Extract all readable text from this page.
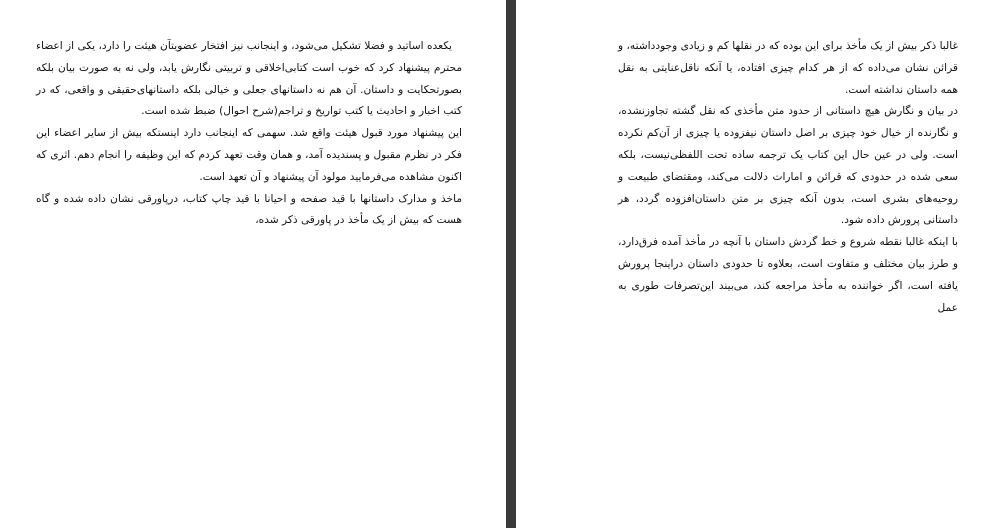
یکعده اساتید و فضلا تشکیل می‌شود، و اینجانب نیز افتخار عضویتآن هیئت را دارد، یکی از اعضاء محترم پیشنهاد کرد که خوب است کتابی‌اخلاقی و تربیتی نگارش یابد، ولی نه به صورت بیان بلکه بصورتحکایت و داستان. آن هم نه داستانهای جعلی و خیالی بلکه داستانهای‌حقیقی و واقعی، که در کتب اخبار و احادیث یا کتب تواریخ و تراجم(شرح احوال) ضبط شده است.

این پیشنهاد مورد قبول هیئت واقع شد. سهمی که اینجانب دارد اینستکه بیش از سایر اعضاء این فکر در نظرم مقبول و پسندیده آمد، و همان وقت تعهد کردم که این وظیفه را انجام دهم. اثری که اکنون مشاهده می‌فرمایید مولود آن پیشنهاد و آن تعهد است.

ماخذ و مدارک داستانها با قید صفحه و احیانا با قید چاپ کتاب، درپاورقی نشان داده شده و گاه هست که بیش از یک مأخذ در پاورقی ذکر شده،

غالبا ذکر بیش از یک مأخذ برای این بوده که در نقلها کم و زیادی وجودداشته، و قرائن نشان می‌داده که از هر کدام چیزی افتاده، یا آنکه ناقل‌عنایتی به نقل همه داستان نداشته است.

در بیان و نگارش هیچ داستانی از حدود متن مأخذی که نقل گشته تجاوزنشده، و نگارنده از خیال خود چیزی بر اصل داستان نیفزوده یا چیزی از آن‌کم نکرده است. ولی در عین حال این کتاب یک ترجمه ساده تحت اللفظی‌نیست، بلکه سعی شده در حدودی که قرائن و امارات دلالت می‌کند، ومقتضای طبیعت و روحیه‌های بشری است، بدون آنکه چیزی بر متن داستان‌افزوده گردد، هر داستانی پرورش داده شود.

با اینکه غالبا نقطه شروع و خط گردش داستان با آنچه در مأخذ آمده فرق‌دارد، و طرز بیان مختلف و متفاوت است، بعلاوه تا حدودی داستان دراینجا پرورش یافته است، اگر خواننده به مأخذ مراجعه کند، می‌بیند این‌تصرفات طوری به عمل
